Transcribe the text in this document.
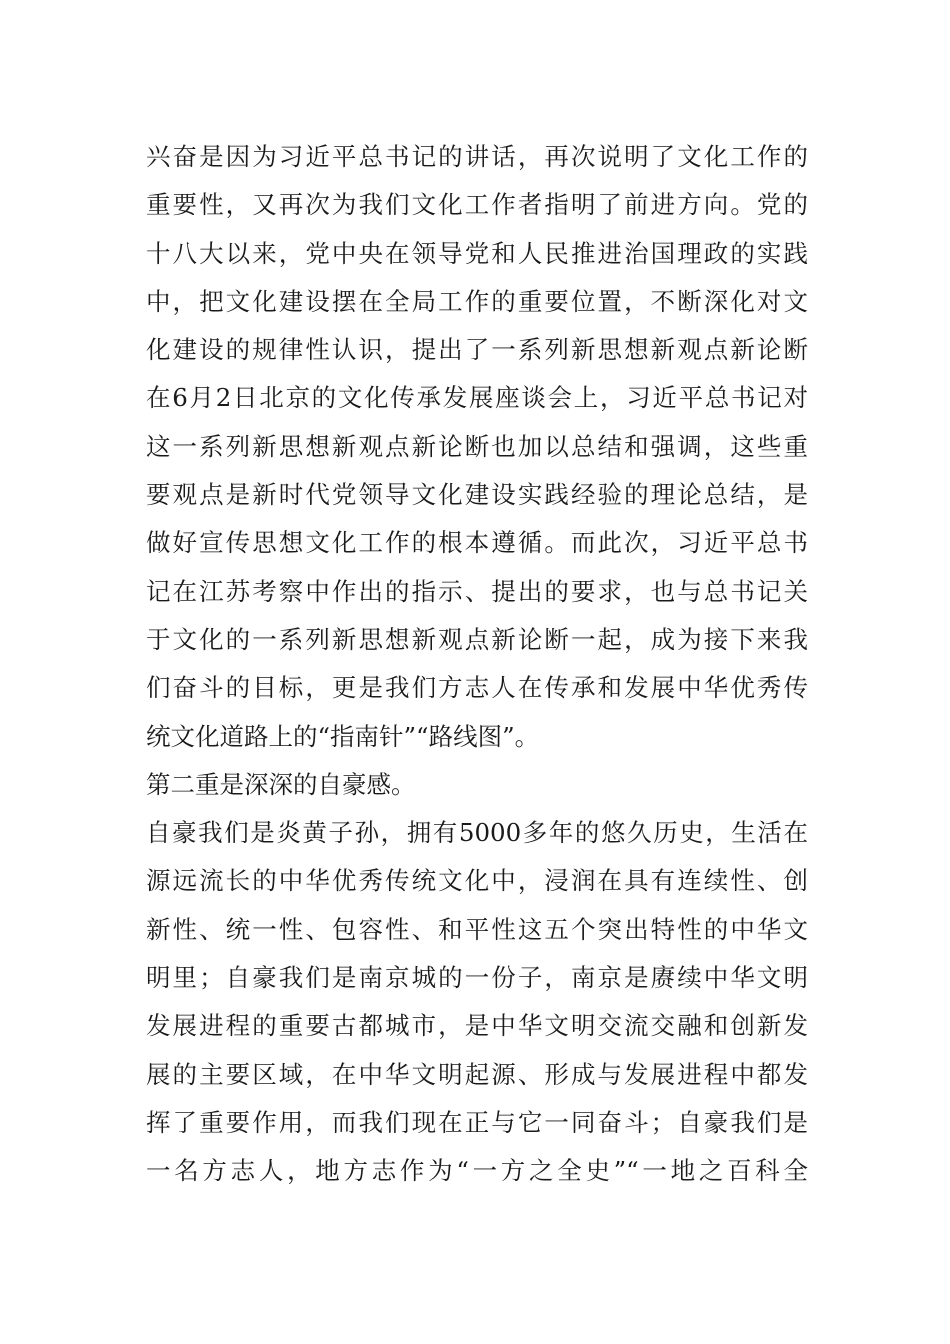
兴奋是因为习近平总书记的讲话，再次说明了文化工作的
重要性，又再次为我们文化工作者指明了前进方向。党的
十八大以来，党中央在领导党和人民推进治国理政的实践
中，把文化建设摆在全局工作的重要位置，不断深化对文
化建设的规律性认识，提出了一系列新思想新观点新论断
在6月2日北京的文化传承发展座谈会上，习近平总书记对
这一系列新思想新观点新论断也加以总结和强调，这些重
要观点是新时代党领导文化建设实践经验的理论总结，是
做好宣传思想文化工作的根本遵循。而此次，习近平总书
记在江苏考察中作出的指示、提出的要求，也与总书记关
于文化的一系列新思想新观点新论断一起，成为接下来我
们奋斗的目标，更是我们方志人在传承和发展中华优秀传
统文化道路上的“指南针”“路线图”。
第二重是深深的自豪感。
自豪我们是炎黄子孙，拥有5000多年的悠久历史，生活在
源远流长的中华优秀传统文化中，浸润在具有连续性、创
新性、统一性、包容性、和平性这五个突出特性的中华文
明里；自豪我们是南京城的一份子，南京是赓续中华文明
发展进程的重要古都城市，是中华文明交流交融和创新发
展的主要区域，在中华文明起源、形成与发展进程中都发
挥了重要作用，而我们现在正与它一同奋斗；自豪我们是
一名方志人，地方志作为“一方之全史”“一地之百科全
